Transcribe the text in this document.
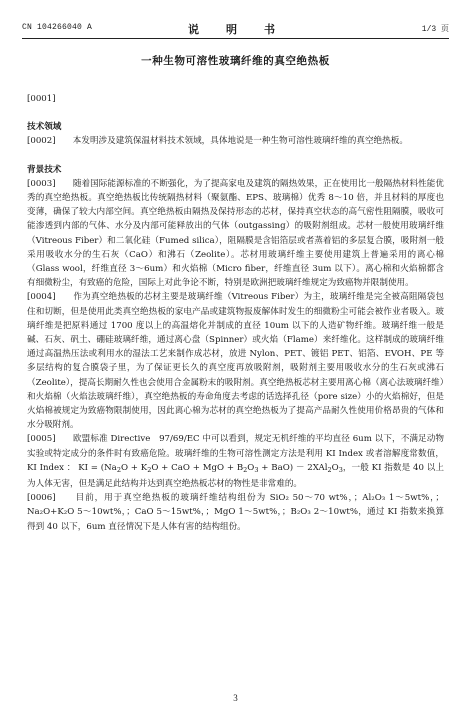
CN 104266040 A	说　明　书	1/3 页
一种生物可溶性玻璃纤维的真空绝热板

[0001]

技术领域

[0002]　　本发明涉及建筑保温材料技术领域，具体地说是一种生物可溶性玻璃纤维的真空绝热板。

背景技术

[0003]　　随着国际能源标准的不断强化，为了提高家电及建筑的隔热效果，正在使用比一般隔热材料性能优秀的真空绝热板。真空绝热板比传统隔热材料（聚氨酯、EPS、玻璃棉）优秀 8～10 倍，并且材料的厚度也变薄，确保了较大内部空间。真空绝热板由隔热及保持形态的芯材，保持真空状态的高气密性阻隔膜，吸收可能渗透到内部的气体、水分及内部可能释放出的气体（outgassing）的吸附剂组成。芯材一般使用玻璃纤维（Vitreous Fiber）和二氧化硅（Fumed silica），阻隔膜是含铝箔层或者蒸着铝的多层复合膜，吸附剂一般采用吸收水分的生石灰（CaO）和沸石（Zeolite）。芯材用玻璃纤维主要使用建筑上普遍采用的离心棉（Glass wool，纤维直径 3～6um）和火焰棉（Micro fiber，纤维直径 3um 以下）。离心棉和火焰棉都含有细微粉尘，有致癌的危险，国际上对此争论不断，特别是欧洲把玻璃纤维规定为致癌物并限制使用。

[0004]　　作为真空绝热板的芯材主要是玻璃纤维（Vitreous Fiber）为主，玻璃纤维是完全被高阻隔袋包住和切断，但是使用此类真空绝热板的家电产品或建筑物报废解体时发生的细微粉尘可能会被作业者吸入。玻璃纤维是把原料通过 1700 度以上的高温熔化并制成的直径 10um 以下的人造矿物纤维。玻璃纤维一般是碱、石灰、矾土、硼硅玻璃纤维，通过离心盘（Spinner）或火焰（Flame）来纤维化。这样制成的玻璃纤维通过高温热压法或利用水的湿法工艺来制作成芯材，放进 Nylon、PET、镀铝 PET、铝箔、EVOH、PE 等多层结构的复合膜袋子里，为了保证更长久的真空度再放吸附剂，吸附剂主要用吸收水分的生石灰或沸石（Zeolite），提高长期耐久性也会使用合金属粉末的吸附剂。真空绝热板芯材主要用离心棉（离心法玻璃纤维）和火焰棉（火焰法玻璃纤维），真空绝热板的寿命角度去考虑的话选择孔径（pore size）小的火焰棉好，但是火焰棉被规定为致癌物限制使用，因此离心棉为芯材的真空绝热板为了提高产品耐久性使用价格昂贵的气体和水分吸附剂。

[0005]　　欧盟标准 Directive　97/69/EC 中可以看到，规定无机纤维的平均直径 6um 以下，不满足动物实验或特定成分的条件时有致癌危险。玻璃纤维的生物可溶性测定方法是利用 KI Index 或者溶解度常数值，KI Index ： KI = ($Na_2O + K_2O$ + CaO + MgO + $B_2O_3 + BaO) - 2XAl_2O_3$，一般 KI 指数是 40 以上为人体无害，但是满足此结构并达到真空绝热板芯材的物性是非常难的。

[0006]　　目前，用于真空绝热板的玻璃纤维结构组份为 SiO₂ 50～70 wt%，；Al₂O₃ 1～5wt%，；Na₂O+K₂O 5～10wt%，；CaO 5～15wt%，；MgO 1～5wt%，；B₂O₃ 2～10wt%，通过 KI 指数来换算得到 40 以下，6um 直径情况下是人体有害的结构组份。

3
